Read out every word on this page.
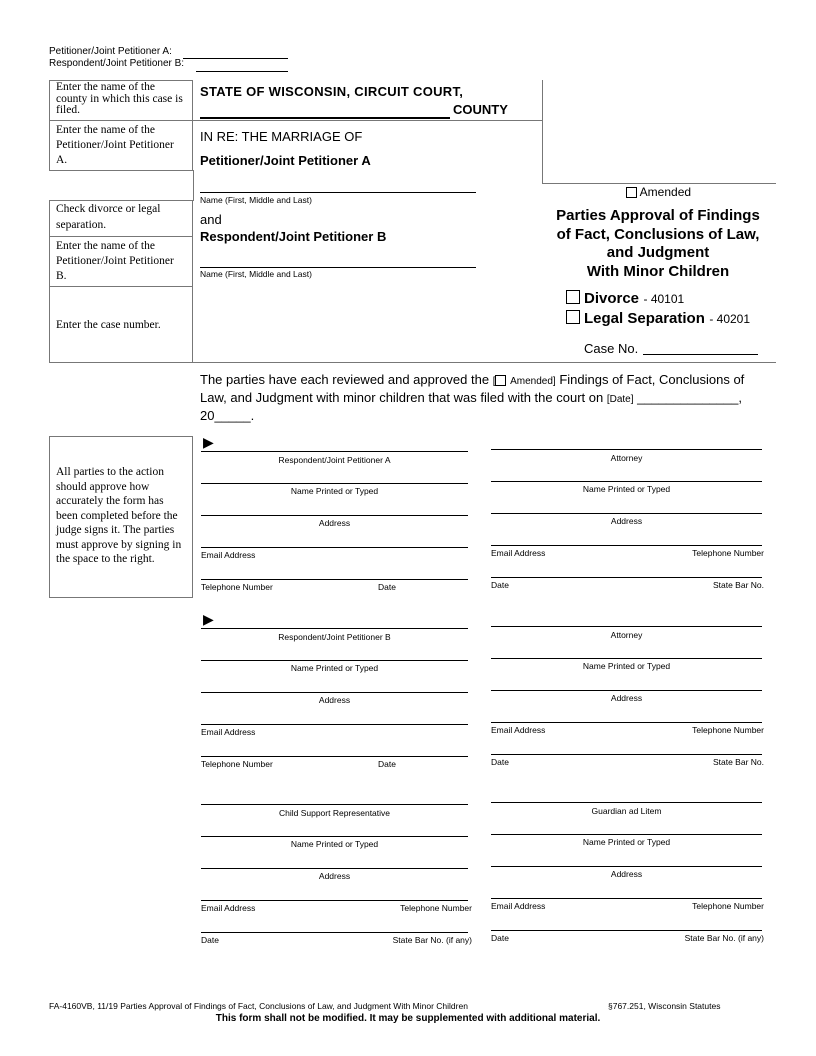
Petitioner/Joint Petitioner A:
Respondent/Joint Petitioner B:
Enter the name of the county in which this case is filed.
Enter the name of the Petitioner/Joint Petitioner A.
Check divorce or legal separation.
Enter the name of the Petitioner/Joint Petitioner B.
Enter the case number.
STATE OF WISCONSIN, CIRCUIT COURT,
COUNTY
IN RE: THE MARRIAGE OF
Petitioner/Joint Petitioner A
Name (First, Middle and Last)
and
Respondent/Joint Petitioner B
Name (First, Middle and Last)
Amended
Parties Approval of Findings
of Fact, Conclusions of Law,
and Judgment
With Minor Children
Divorce - 40101
Legal Separation - 40201
Case No.
The parties have each reviewed and approved the [ Amended] Findings of Fact, Conclusions of Law, and Judgment with minor children that was filed with the court on [Date] ______________, 20_____.
All parties to the action should approve how accurately the form has been completed before the judge signs it. The parties must approve by signing in the space to the right.
▶
Respondent/Joint Petitioner A
Name Printed or Typed
Address
Email Address
Telephone Number	Date
Attorney
Name Printed or Typed
Address
Email Address	Telephone Number
Date	State Bar No.
▶
Respondent/Joint Petitioner B
Name Printed or Typed
Address
Email Address
Telephone Number	Date
Attorney
Name Printed or Typed
Address
Email Address	Telephone Number
Date	State Bar No.
Child Support Representative
Name Printed or Typed
Address
Email Address	Telephone Number
Date	State Bar No. (if any)
Guardian ad Litem
Name Printed or Typed
Address
Email Address	Telephone Number
Date	State Bar No. (if any)
FA-4160VB, 11/19 Parties Approval of Findings of Fact, Conclusions of Law, and Judgment With Minor Children	§767.251, Wisconsin Statutes
This form shall not be modified. It may be supplemented with additional material.
